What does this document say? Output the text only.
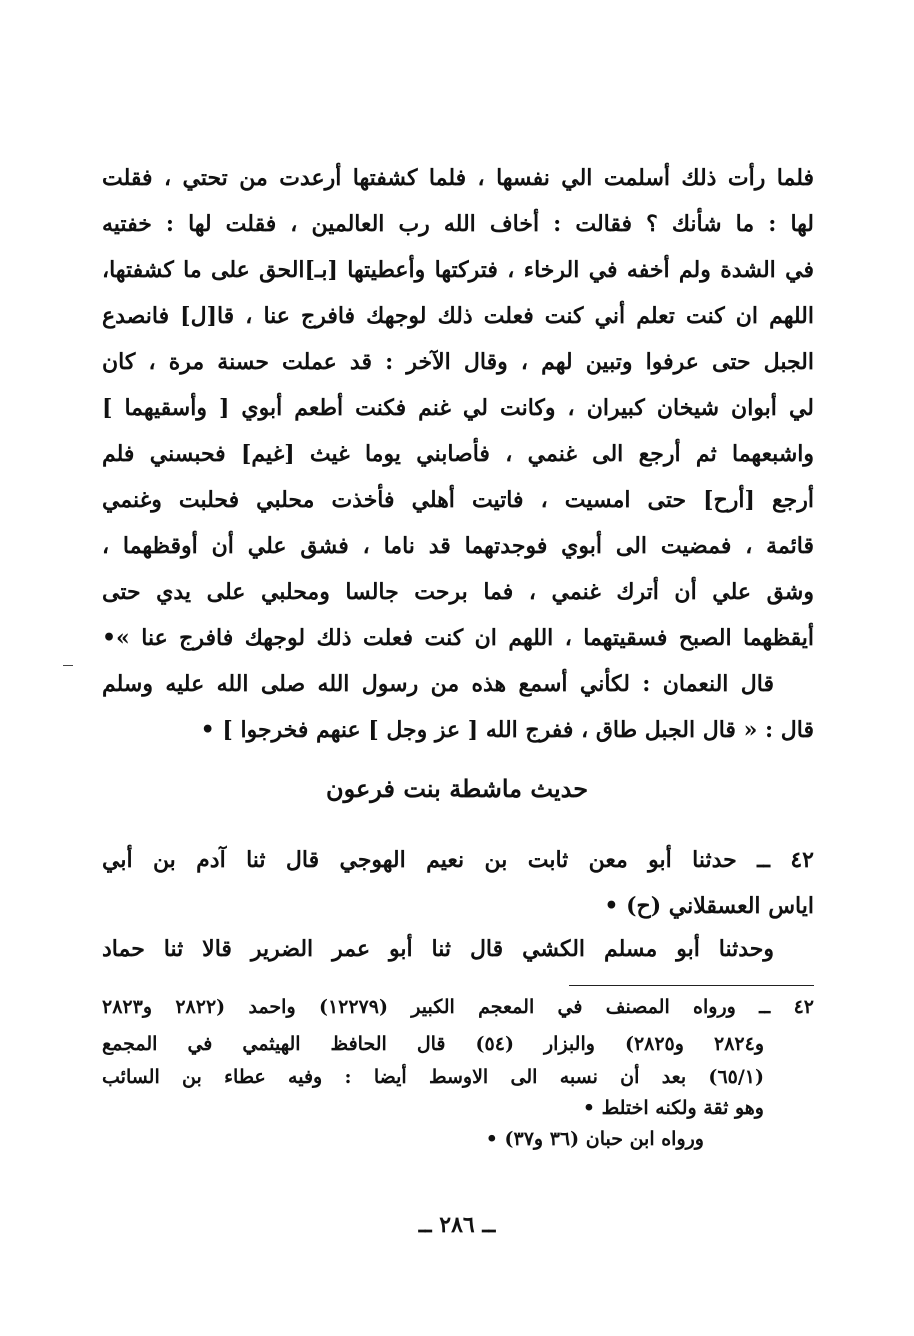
فلما رأت ذلك أسلمت الي نفسها ، فلما كشفتها أرعدت من تحتي ، فقلت
لها : ما شأنك ؟ فقالت : أخاف الله رب العالمين ، فقلت لها : خفتيه
في الشدة ولم أخفه في الرخاء ، فتركتها وأعطيتها [بـ]الحق على ما كشفتها،
اللهم ان كنت تعلم أني كنت فعلت ذلك لوجهك فافرج عنا ، قا[ل] فانصدع
الجبل حتى عرفوا وتبين لهم ، وقال الآخر : قد عملت حسنة مرة ، كان
لي أبوان شيخان كبيران ، وكانت لي غنم فكنت أطعم أبوي [ وأسقيهما ]
واشبعهما ثم أرجع الى غنمي ، فأصابني يوما غيث [غيم] فحبسني فلم
أرجع [أرح] حتى امسيت ، فاتيت أهلي فأخذت محلبي فحلبت وغنمي
قائمة ، فمضيت الى أبوي فوجدتهما قد ناما ، فشق علي أن أوقظهما ،
وشق علي أن أترك غنمي ، فما برحت جالسا ومحلبي على يدي حتى
أيقظهما الصبح فسقيتهما ، اللهم ان كنت فعلت ذلك لوجهك فافرج عنا »•
قال النعمان : لكأني أسمع هذه من رسول الله صلى الله عليه وسلم
قال : « قال الجبل طاق ، ففرج الله [ عز وجل ] عنهم فخرجوا ] •
حديث ماشطة بنت فرعون
٤٢ ــ حدثنا أبو معن ثابت بن نعيم الهوجي قال ثنا آدم بن أبي
اياس العسقلاني (ح) •
وحدثنا أبو مسلم الكشي قال ثنا أبو عمر الضرير قالا ثنا حماد
٤٢ ــ ورواه المصنف في المعجم الكبير (١٢٢٧٩) واحمد (٢٨٢٢ و٢٨٢٣
و٢٨٢٤ و٢٨٢٥) والبزار (٥٤) قال الحافظ الهيثمي في المجمع
(٦٥/١) بعد أن نسبه الى الاوسط أيضا : وفيه عطاء بن السائب
وهو ثقة ولكنه اختلط •
ورواه ابن حبان (٣٦ و٣٧) •
ــ ٢٨٦ ــ
